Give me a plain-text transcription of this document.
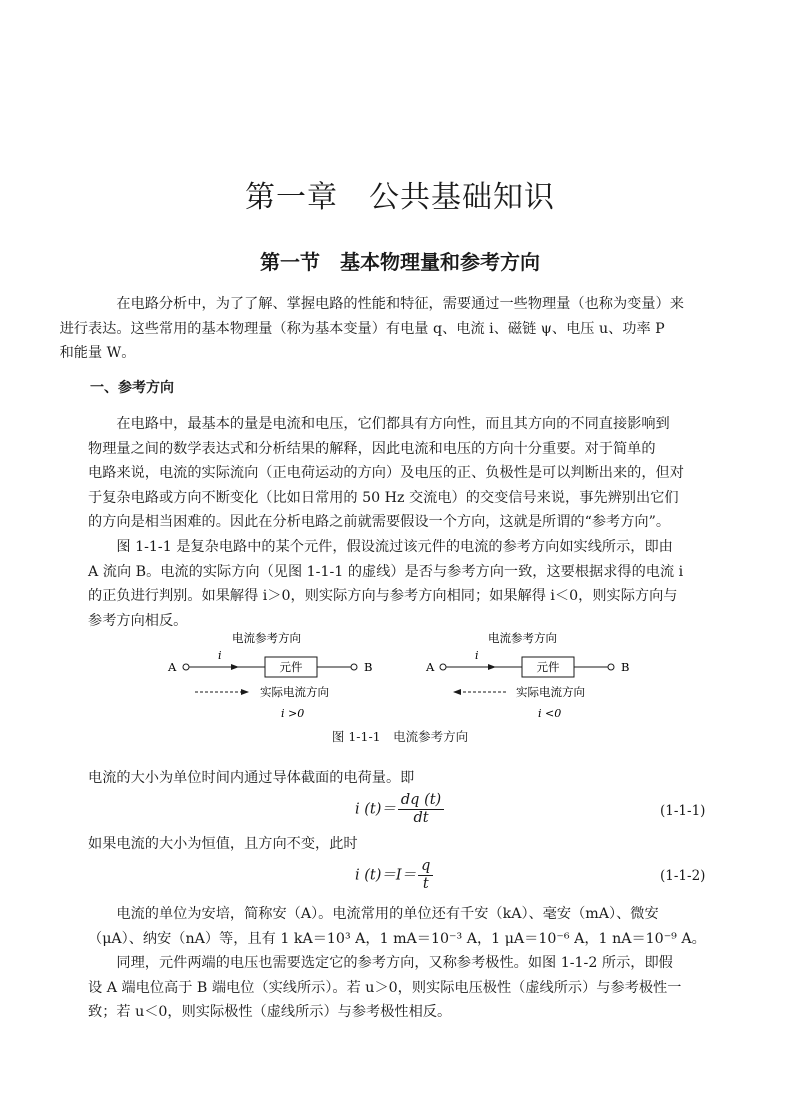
第一章　公共基础知识
第一节　基本物理量和参考方向

在电路分析中，为了了解、掌握电路的性能和特征，需要通过一些物理量（也称为变量）来
进行表达。这些常用的基本物理量（称为基本变量）有电量 q、电流 i、磁链 ψ、电压 u、功率 P
和能量 W。

一、参考方向

在电路中，最基本的量是电流和电压，它们都具有方向性，而且其方向的不同直接影响到
物理量之间的数学表达式和分析结果的解释，因此电流和电压的方向十分重要。对于简单的
电路来说，电流的实际流向（正电荷运动的方向）及电压的正、负极性是可以判断出来的，但对
于复杂电路或方向不断变化（比如日常用的 50 Hz 交流电）的交变信号来说，事先辨别出它们
的方向是相当困难的。因此在分析电路之前就需要假设一个方向，这就是所谓的“参考方向”。

图 1-1-1 是复杂电路中的某个元件，假设流过该元件的电流的参考方向如实线所示，即由
A 流向 B。电流的实际方向（见图 1-1-1 的虚线）是否与参考方向一致，这要根据求得的电流 i
的正负进行判别。如果解得 i＞0，则实际方向与参考方向相同；如果解得 i＜0，则实际方向与
参考方向相反。

电流参考方向
i
A	元件	B
实际电流方向
i >0
电流参考方向
i
A	元件	B
实际电流方向
i <0
图 1-1-1　电流参考方向

电流的大小为单位时间内通过导体截面的电荷量。即

i $(t)= \frac{dq (t)}{dt}$	(1-1-1)

如果电流的大小为恒值，且方向不变，此时

i $(t)=I= \frac{q}{t}$	(1-1-2)

电流的单位为安培，简称安（A）。电流常用的单位还有千安（kA）、毫安（mA）、微安
（μA）、纳安（nA）等，且有 1 kA＝10³ A，1 mA＝10⁻³ A，1 μA＝10⁻⁶ A，1 nA＝10⁻⁹ A。

同理，元件两端的电压也需要选定它的参考方向，又称参考极性。如图 1-1-2 所示，即假
设 A 端电位高于 B 端电位（实线所示）。若 u＞0，则实际电压极性（虚线所示）与参考极性一
致；若 u＜0，则实际极性（虚线所示）与参考极性相反。
